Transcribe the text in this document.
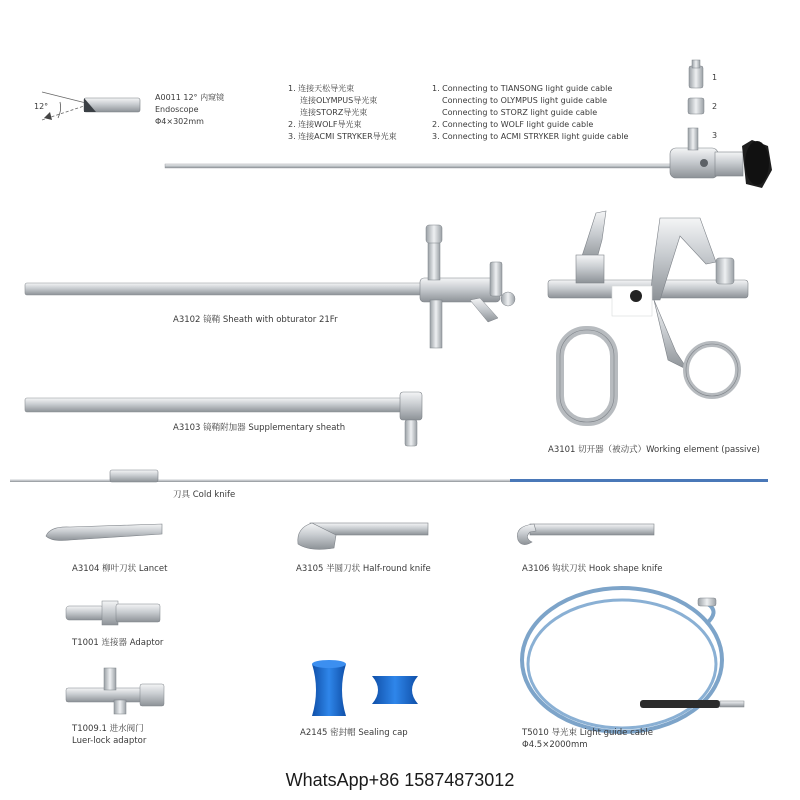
12°
A0011 12° 内窥镜
Endoscope
Φ4×302mm
1. 连接天松导光束
连接OLYMPUS导光束
连接STORZ导光束
2. 连接WOLF导光束
3. 连接ACMI STRYKER导光束
1. Connecting to TIANSONG light guide cable
Connecting to OLYMPUS light guide cable
Connecting to STORZ light guide cable
2. Connecting to WOLF light guide cable
3. Connecting to ACMI STRYKER light guide cable
1
2
3
A3102 镜鞘 Sheath with obturator 21Fr
A3103 镜鞘附加器 Supplementary sheath
A3101 切开器（被动式）Working element (passive)
刀具 Cold knife
A3104 柳叶刀状 Lancet	A3105 半圆刀状 Half-round knife	A3106 钩状刀状 Hook shape knife
T1001 连接器 Adaptor
T1009.1 进水阀门
Luer-lock adaptor
A2145 密封帽 Sealing cap	T5010 导光束 Light guide cable
Φ4.5×2000mm
WhatsApp+86 15874873012
